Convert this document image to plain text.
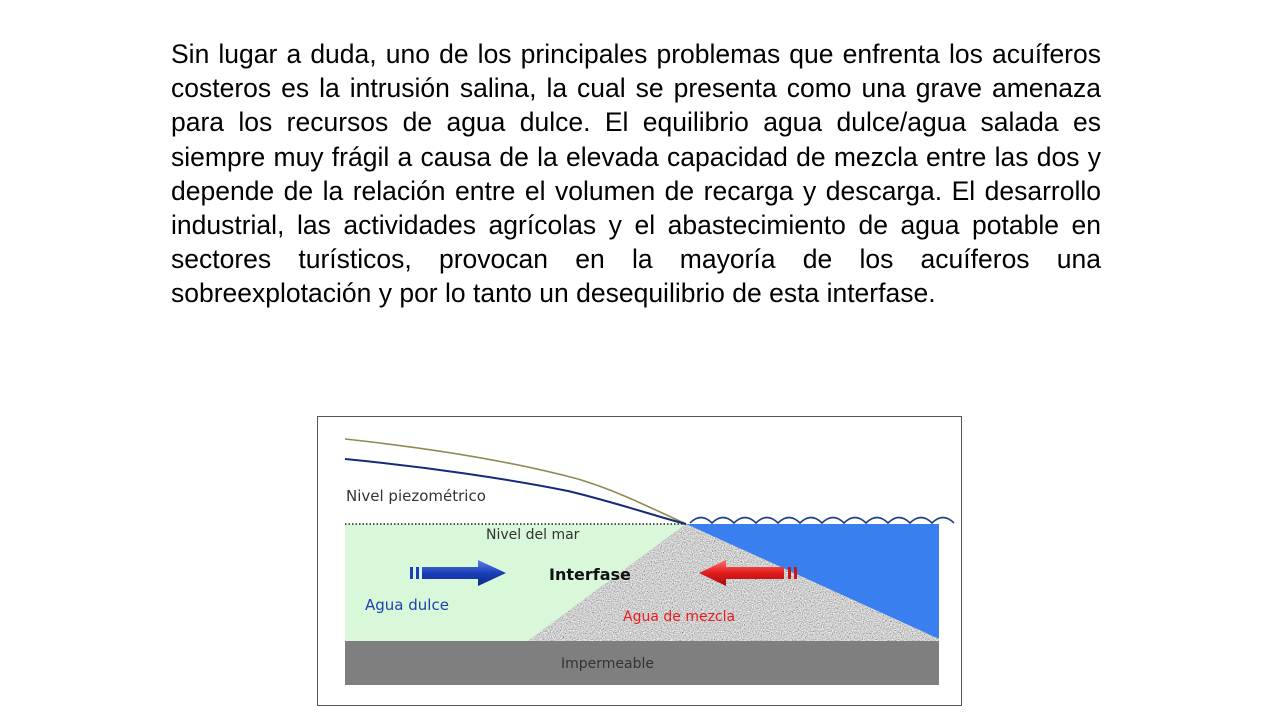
Sin lugar a duda, uno de los principales problemas que enfrenta los acuíferos costeros es la intrusión salina, la cual se presenta como una grave amenaza para los recursos de agua dulce. El equilibrio agua dulce/agua salada es siempre muy frágil a causa de la elevada capacidad de mezcla entre las dos y depende de la relación entre el volumen de recarga y descarga. El desarrollo industrial, las actividades agrícolas y el abastecimiento de agua potable en sectores turísticos, provocan en la mayoría de los acuíferos una sobreexplotación y por lo tanto un desequilibrio de esta interfase.

Nivel piezométrico
Nivel del mar
Interfase
Agua dulce
Agua de mezcla
Impermeable
